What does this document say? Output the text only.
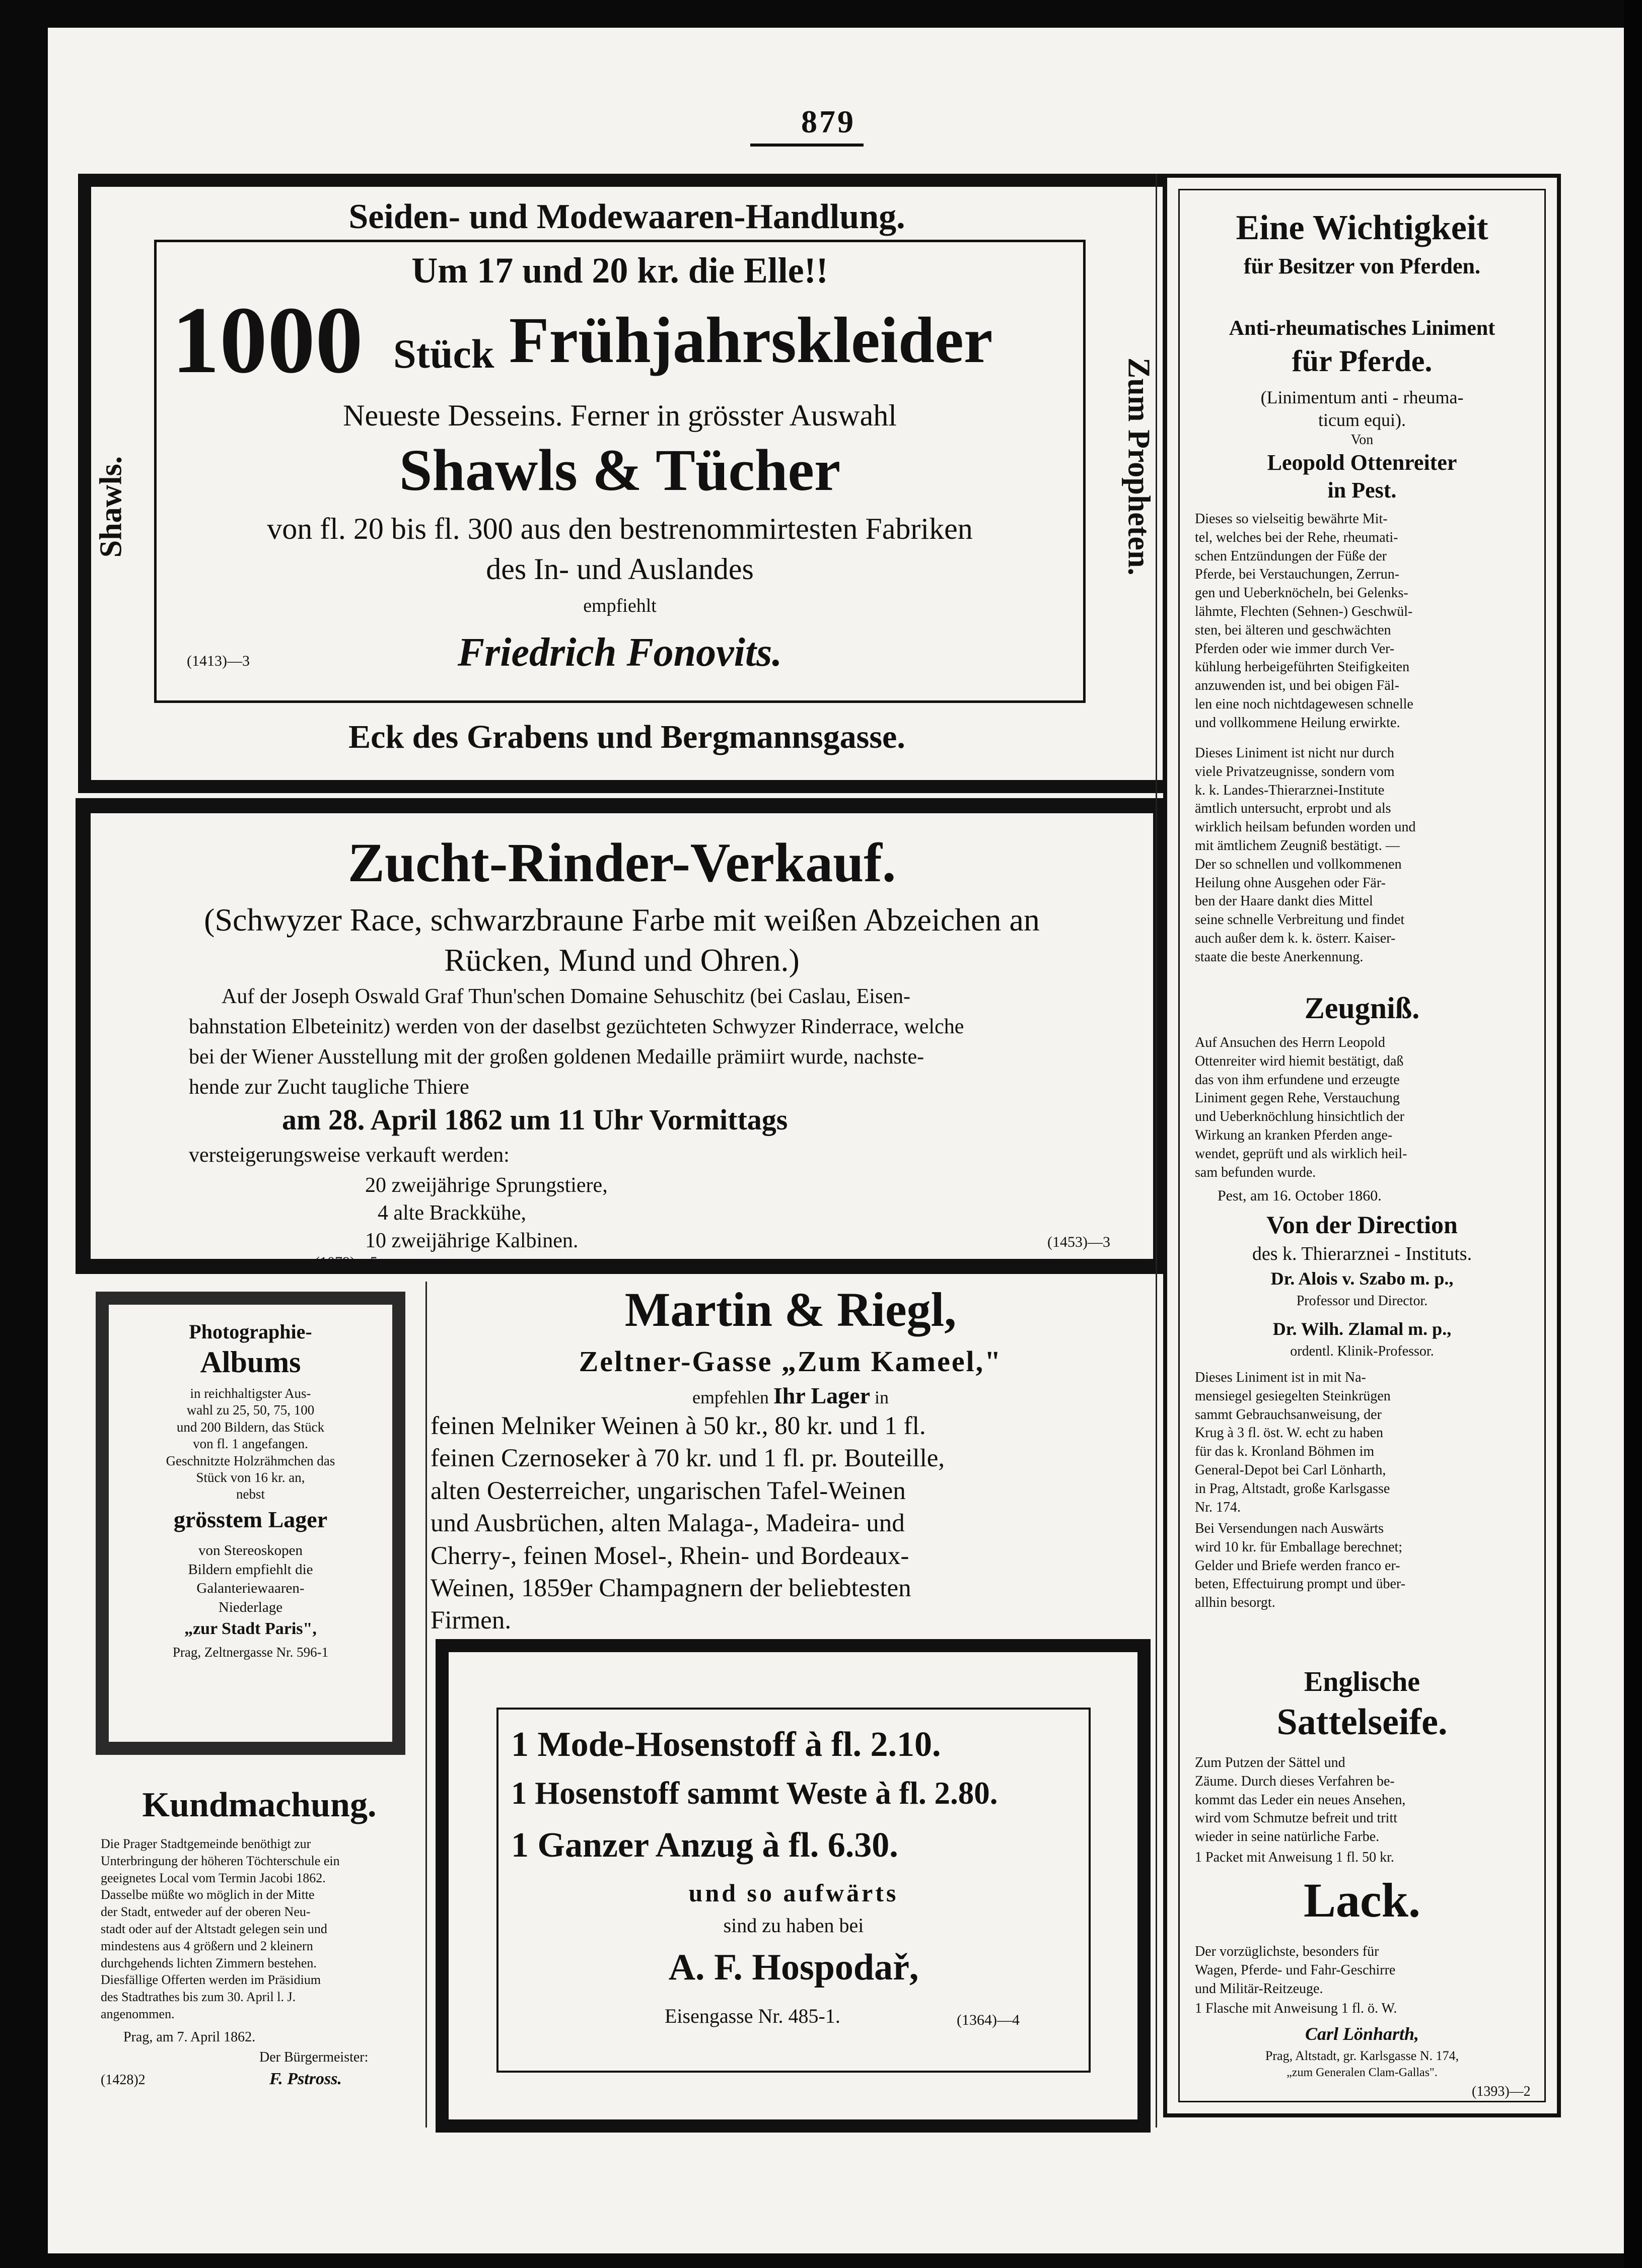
879
Seiden- und Modewaaren-Handlung.
Um 17 und 20 kr. die Elle!!
1000 Stück Frühjahrskleider
Neueste Desseins. Ferner in grösster Auswahl
Shawls & Tücher
von fl. 20 bis fl. 300 aus den bestrenommirtesten Fabriken
des In- und Auslandes
empfiehlt
(1413)—3	Friedrich Fonovits.
Eck des Grabens und Bergmannsgasse.
Shawls.	Zum Propheten.
Zucht-Rinder-Verkauf.
(Schwyzer Race, schwarzbraune Farbe mit weißen Abzeichen an
Rücken, Mund und Ohren.)
Auf der Joseph Oswald Graf Thun'schen Domaine Sehuschitz (bei Caslau, Eisen-
bahnstation Elbeteinitz) werden von der daselbst gezüchteten Schwyzer Rinderrace, welche
bei der Wiener Ausstellung mit der großen goldenen Medaille prämiirt wurde, nachste-
hende zur Zucht taugliche Thiere
am 28. April 1862 um 11 Uhr Vormittags
versteigerungsweise verkauft werden:
20 zweijährige Sprungstiere,
4 alte Brackkühe,
10 zweijährige Kalbinen.	(1453)—3
Eine Wichtigkeit
für Besitzer von Pferden.
Anti-rheumatisches Liniment
für Pferde.
(Linimentum anti - rheuma-
ticum equi).
Von
Leopold Ottenreiter
in Pest.
Dieses so vielseitig bewährte Mit-
tel, welches bei der Rehe, rheumati-
schen Entzündungen der Füße der
Pferde, bei Verstauchungen, Zerrun-
gen und Ueberknöcheln, bei Gelenks-
lähmte, Flechten (Sehnen-) Geschwül-
sten, bei älteren und geschwächten
Pferden oder wie immer durch Ver-
kühlung herbeigeführten Steifigkeiten
anzuwenden ist, und bei obigen Fäl-
len eine noch nichtdagewesen schnelle
und vollkommene Heilung erwirkte.
Dieses Liniment ist nicht nur durch
viele Privatzeugnisse, sondern vom
k. k. Landes-Thierarznei-Institute
ämtlich untersucht, erprobt und als
wirklich heilsam befunden worden und
mit ämtlichem Zeugniß bestätigt. —
Der so schnellen und vollkommenen
Heilung ohne Ausgehen oder Fär-
ben der Haare dankt dies Mittel
seine schnelle Verbreitung und findet
auch außer dem k. k. österr. Kaiser-
staate die beste Anerkennung.
Zeugniß.
Auf Ansuchen des Herrn Leopold
Ottenreiter wird hiemit bestätigt, daß
das von ihm erfundene und erzeugte
Liniment gegen Rehe, Verstauchung
und Ueberknöchlung hinsichtlich der
Wirkung an kranken Pferden ange-
wendet, geprüft und als wirklich heil-
sam befunden wurde.
Pest, am 16. October 1860.
Von der Direction
des k. Thierarznei - Instituts.
Dr. Alois v. Szabo m. p.,
Professor und Director.
Dr. Wilh. Zlamal m. p.,
ordentl. Klinik-Professor.
Dieses Liniment ist in mit Na-
mensiegel gesiegelten Steinkrügen
sammt Gebrauchsanweisung, der
Krug à 3 fl. öst. W. echt zu haben
für das k. Kronland Böhmen im
General-Depot bei Carl Lönharth,
in Prag, Altstadt, große Karlsgasse
Nr. 174.
Bei Versendungen nach Auswärts
wird 10 kr. für Emballage berechnet;
Gelder und Briefe werden franco er-
beten, Effectuirung prompt und über-
allhin besorgt.
Englische
Sattelseife.
Zum Putzen der Sättel und
Zäume. Durch dieses Verfahren be-
kommt das Leder ein neues Ansehen,
wird vom Schmutze befreit und tritt
wieder in seine natürliche Farbe.
1 Packet mit Anweisung 1 fl. 50 kr.
Lack.
Der vorzüglichste, besonders für
Wagen, Pferde- und Fahr-Geschirre
und Militär-Reitzeuge.
1 Flasche mit Anweisung 1 fl. ö. W.
Carl Lönharth,
Prag, Altstadt, gr. Karlsgasse N. 174,
„zum Generalen Clam-Gallas".
(1393)—2
(1079)—5
Photographie-
Albums
in reichhaltigster Aus-
wahl zu 25, 50, 75, 100
und 200 Bildern, das Stück
von fl. 1 angefangen.
Geschnitzte Holzrähmchen das
Stück von 16 kr. an,
nebst
grösstem Lager
von Stereoskopen
Bildern empfiehlt die
Galanteriewaaren-
Niederlage
„zur Stadt Paris",
Prag, Zeltnergasse Nr. 596-1
Kundmachung.
Die Prager Stadtgemeinde benöthigt zur
Unterbringung der höheren Töchterschule ein
geeignetes Local vom Termin Jacobi 1862.
Dasselbe müßte wo möglich in der Mitte
der Stadt, entweder auf der oberen Neu-
stadt oder auf der Altstadt gelegen sein und
mindestens aus 4 größern und 2 kleinern
durchgehends lichten Zimmern bestehen.
Diesfällige Offerten werden im Präsidium
des Stadtrathes bis zum 30. April l. J.
angenommen.
Prag, am 7. April 1862.
Der Bürgermeister:
(1428)2	F. Pstross.
Martin & Riegl,
Zeltner-Gasse „Zum Kameel,"
empfehlen Ihr Lager in
feinen Melniker Weinen à 50 kr., 80 kr. und 1 fl.
feinen Czernoseker à 70 kr. und 1 fl. pr. Bouteille,
alten Oesterreicher, ungarischen Tafel-Weinen
und Ausbrüchen, alten Malaga-, Madeira- und
Cherry-, feinen Mosel-, Rhein- und Bordeaux-
Weinen, 1859er Champagnern der beliebtesten
Firmen.
1 Mode-Hosenstoff à fl. 2.10.
1 Hosenstoff sammt Weste à fl. 2.80.
1 Ganzer Anzug à fl. 6.30.
und so aufwärts
sind zu haben bei
A. F. Hospodař,
Eisengasse Nr. 485-1.	(1364)—4
